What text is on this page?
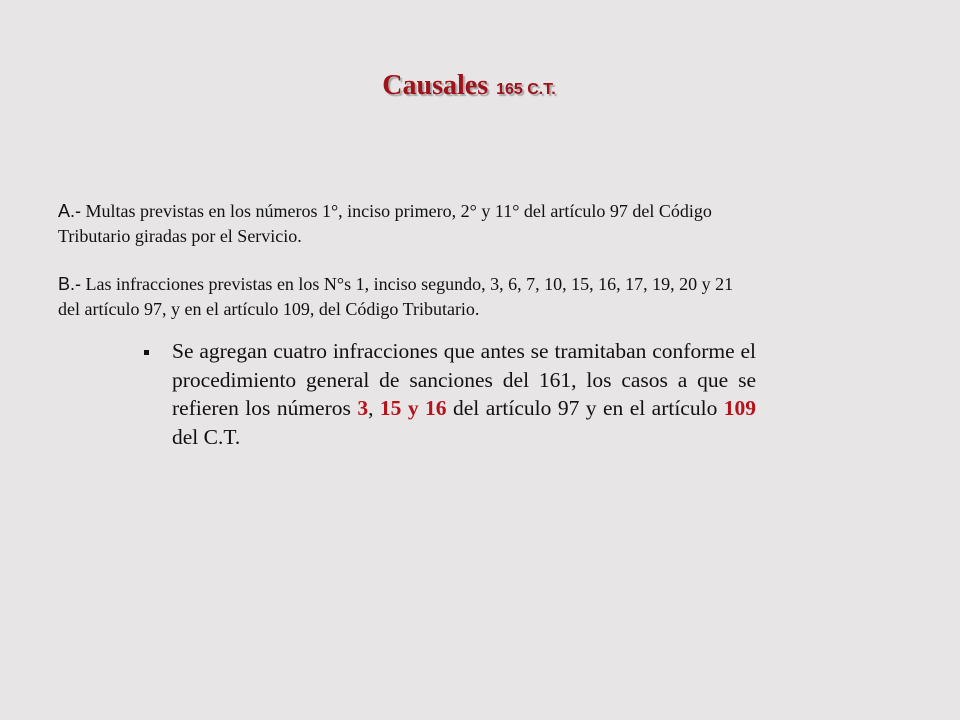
Causales 165 C.T.
A.- Multas previstas en los números 1°, inciso primero, 2° y 11° del artículo 97 del Código Tributario giradas por el Servicio.
B.- Las infracciones previstas en los N°s 1, inciso segundo, 3, 6, 7, 10, 15, 16, 17, 19, 20 y 21 del artículo 97, y en el artículo 109, del Código Tributario.
Se agregan cuatro infracciones que antes se tramitaban conforme el procedimiento general de sanciones del 161, los casos a que se refieren los números 3, 15 y 16 del artículo 97 y en el artículo 109 del C.T.
